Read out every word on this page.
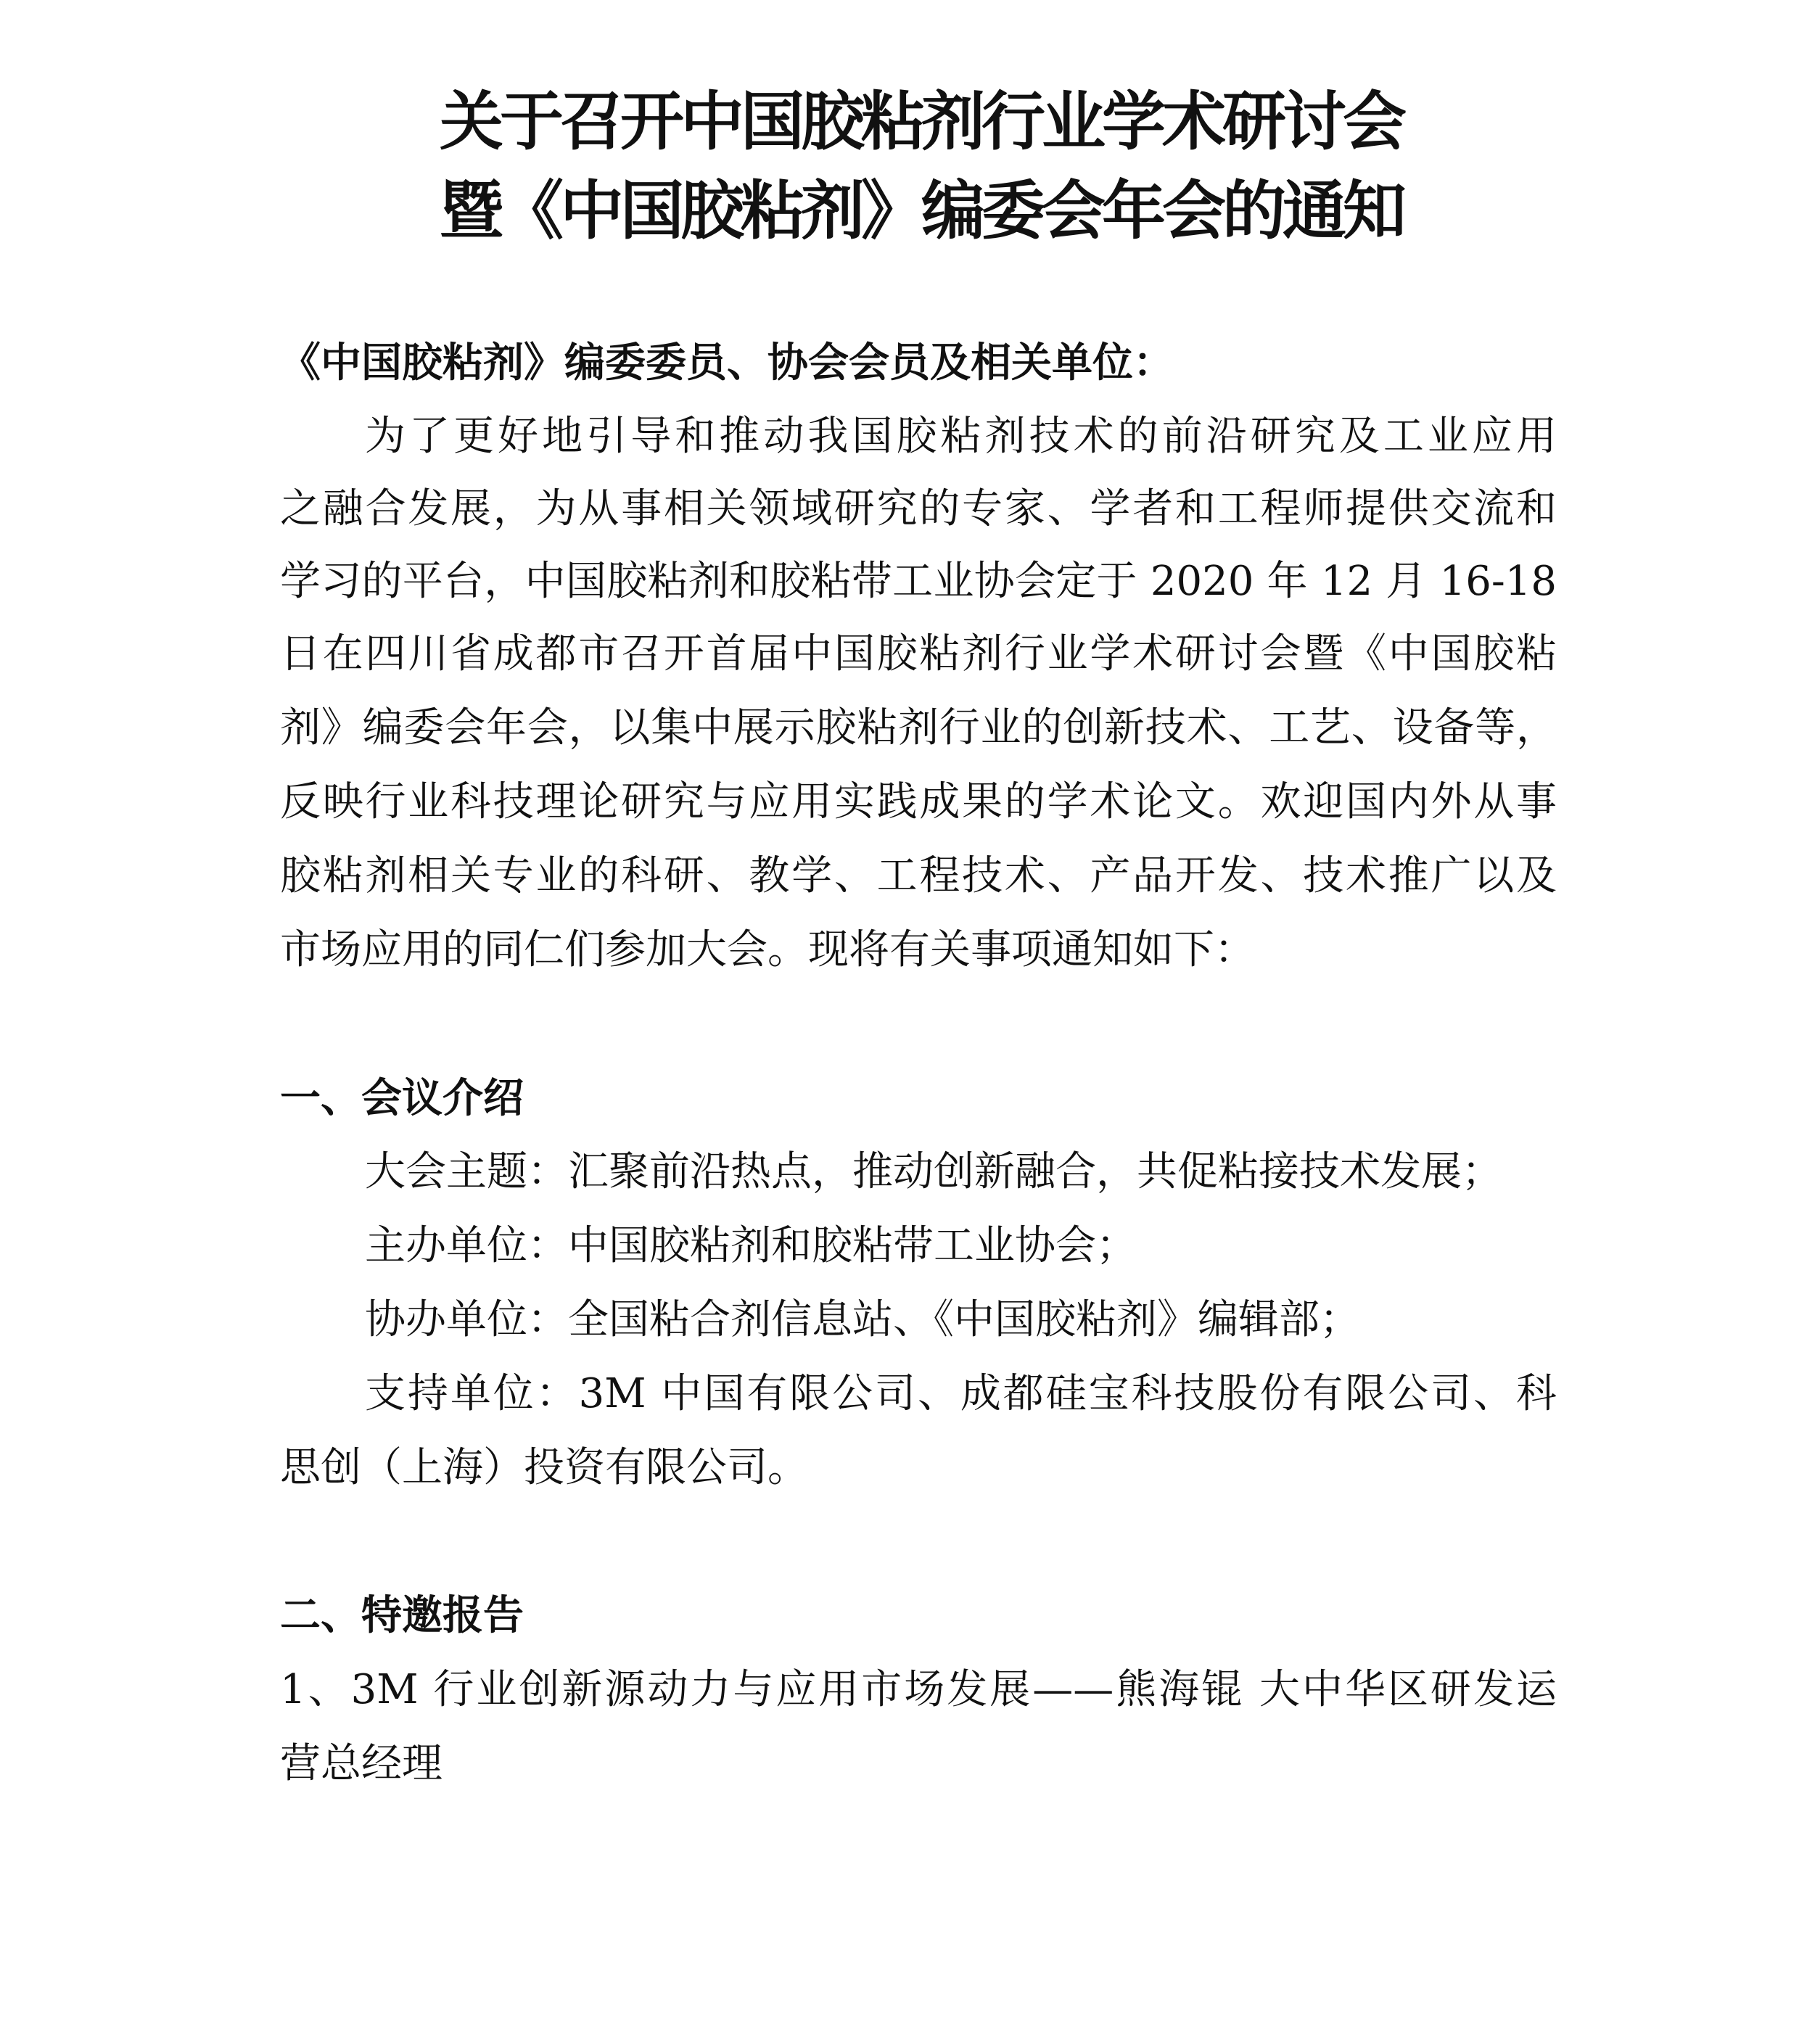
关于召开中国胶粘剂行业学术研讨会
暨《中国胶粘剂》编委会年会的通知
《中国胶粘剂》编委委员、协会会员及相关单位：
为了更好地引导和推动我国胶粘剂技术的前沿研究及工业应用
之融合发展，为从事相关领域研究的专家、学者和工程师提供交流和
学习的平台，中国胶粘剂和胶粘带工业协会定于 2020 年 12 月 16-18
日在四川省成都市召开首届中国胶粘剂行业学术研讨会暨《中国胶粘
剂》编委会年会，以集中展示胶粘剂行业的创新技术、工艺、设备等，
反映行业科技理论研究与应用实践成果的学术论文。欢迎国内外从事
胶粘剂相关专业的科研、教学、工程技术、产品开发、技术推广以及
市场应用的同仁们参加大会。现将有关事项通知如下：
一、会议介绍
大会主题：汇聚前沿热点，推动创新融合，共促粘接技术发展；
主办单位：中国胶粘剂和胶粘带工业协会；
协办单位：全国粘合剂信息站、《中国胶粘剂》编辑部；
支持单位：3M 中国有限公司、成都硅宝科技股份有限公司、科
思创（上海）投资有限公司。
二、特邀报告
1、3M 行业创新源动力与应用市场发展——熊海锟 大中华区研发运
营总经理
